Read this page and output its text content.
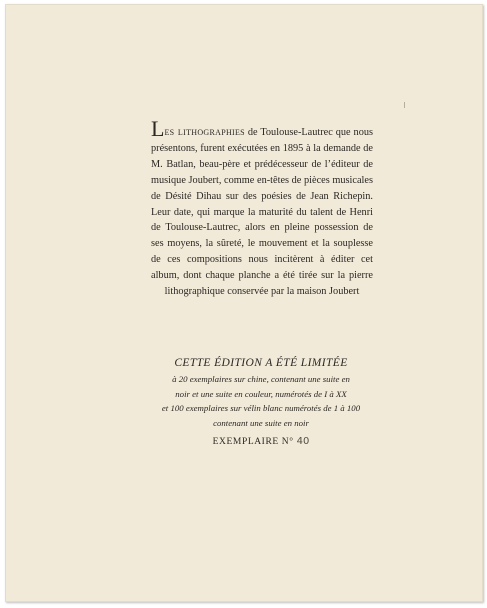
Les lithographies de Toulouse-Lautrec que nous présentons, furent exécutées en 1895 à la demande de M. Batlan, beau-père et prédécesseur de l’éditeur de musique Joubert, comme en-têtes de pièces musicales de Désité Dihau sur des poésies de Jean Richepin. Leur date, qui marque la maturité du talent de Henri de Toulouse-Lautrec, alors en pleine possession de ses moyens, la sûreté, le mouvement et la souplesse de ces compositions nous incitèrent à éditer cet album, dont chaque planche a été tirée sur la pierre lithographique conservée par la maison Joubert

CETTE ÉDITION A ÉTÉ LIMITÉE
à 20 exemplaires sur chine, contenant une suite en
noir et une suite en couleur, numérotés de I à XX
et 100 exemplaires sur vélin blanc numérotés de 1 à 100
contenant une suite en noir
EXEMPLAIRE N° 40
